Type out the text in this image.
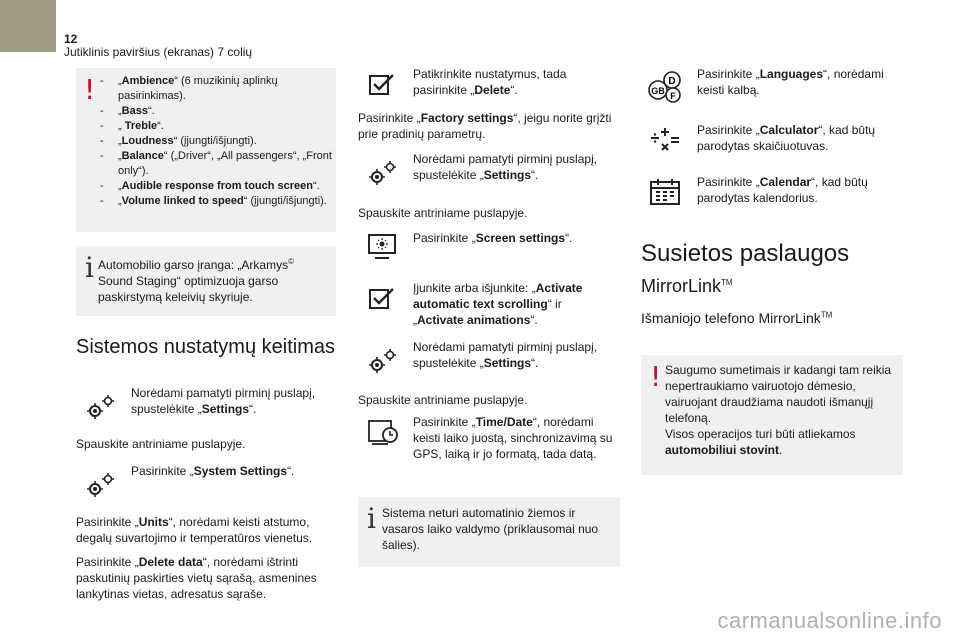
12
Jutiklinis paviršius (ekranas) 7 colių
!
-	„Ambience“ (6 muzikinių aplinkų pasirinkimas).
- „Bass“.
- „ Treble“.
- „Loudness“ (įjungti/išjungti).
- „Balance“ („Driver“, „All passengers“, „Front only“).
- „Audible response from touch screen“.
- „Volume linked to speed“ (įjungti/išjungti).
i Automobilio garso įranga: „Arkamys© Sound Staging“ optimizuoja garso paskirstymą keleivių skyriuje.
Sistemos nustatymų keitimas
Norėdami pamatyti pirminį puslapį, spustelėkite „Settings“.
Spauskite antriniame puslapyje.
Pasirinkite „System Settings“.
Pasirinkite „Units“, norėdami keisti atstumo, degalų suvartojimo ir temperatūros vienetus.
Pasirinkite „Delete data“, norėdami ištrinti paskutinių paskirties vietų sąrašą, asmenines lankytinas vietas, adresatus sąraše.
Patikrinkite nustatymus, tada pasirinkite „Delete“.
Pasirinkite „Factory settings“, jeigu norite grįžti prie pradinių parametrų.
Norėdami pamatyti pirminį puslapį, spustelėkite „Settings“.
Spauskite antriniame puslapyje.
Pasirinkite „Screen settings“.
Įjunkite arba išjunkite: „Activate automatic text scrolling“ ir „Activate animations“.
Norėdami pamatyti pirminį puslapį, spustelėkite „Settings“.
Spauskite antriniame puslapyje.
Pasirinkite „Time/Date“, norėdami keisti laiko juostą, sinchronizavimą su GPS, laiką ir jo formatą, tada datą.
i Sistema neturi automatinio žiemos ir vasaros laiko valdymo (priklausomai nuo šalies).
D
GB F
Pasirinkite „Languages“, norėdami keisti kalbą.
Pasirinkite „Calculator“, kad būtų parodytas skaičiuotuvas.
Pasirinkite „Calendar“, kad būtų parodytas kalendorius.
Susietos paslaugos
MirrorLink™
Išmaniojo telefono MirrorLink™
! Saugumo sumetimais ir kadangi tam reikia nepertraukiamo vairuotojo dėmesio, vairuojant draudžiama naudoti išmanųjį telefoną.
Visos operacijos turi būti atliekamos automobiliui stovint.
carmanualsonline.info
